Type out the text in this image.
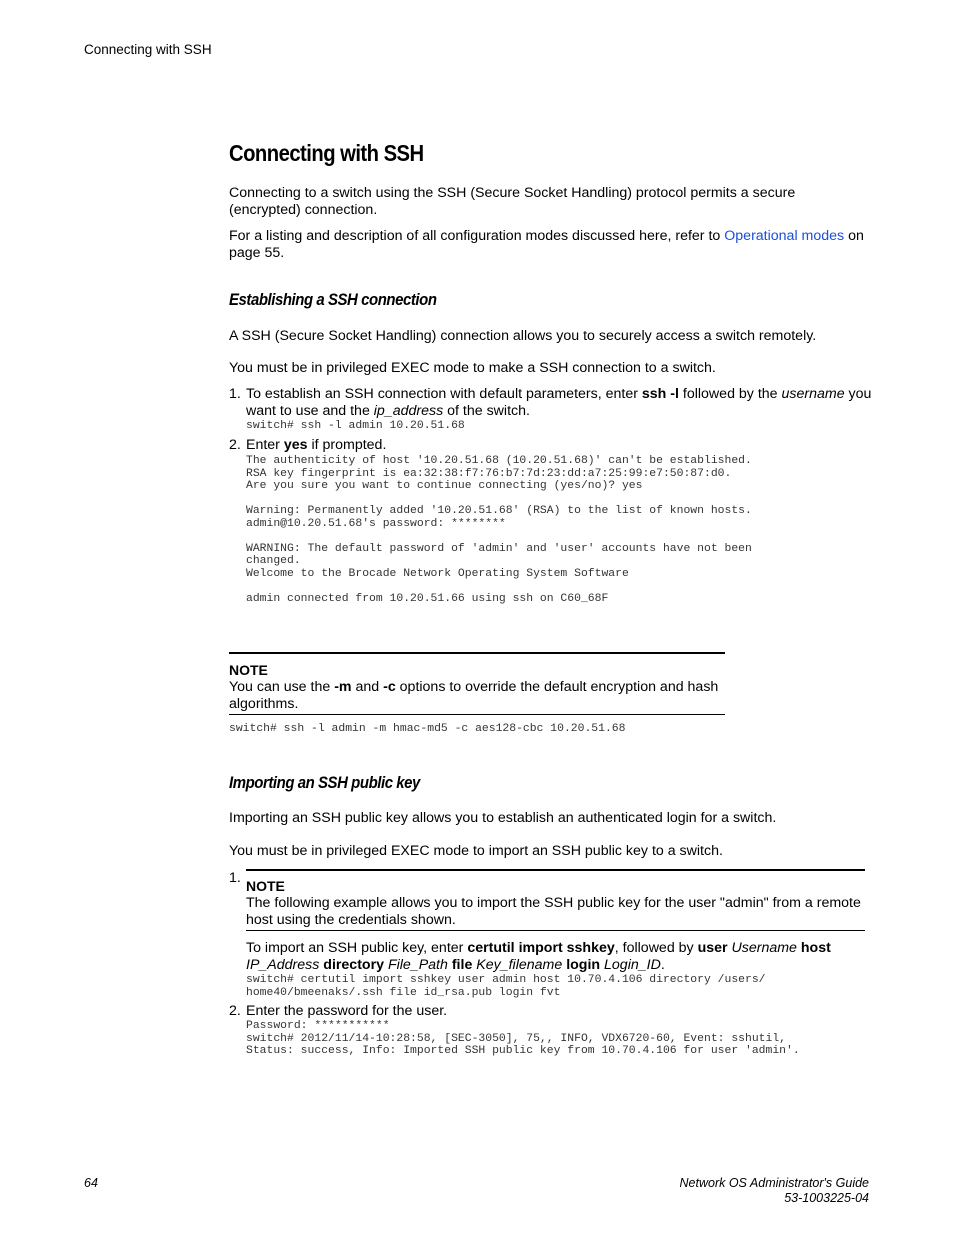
Connecting with SSH
Connecting with SSH

Connecting to a switch using the SSH (Secure Socket Handling) protocol permits a secure (encrypted) connection.

For a listing and description of all configuration modes discussed here, refer to Operational modes on page 55.

Establishing a SSH connection

A SSH (Secure Socket Handling) connection allows you to securely access a switch remotely.

You must be in privileged EXEC mode to make a SSH connection to a switch.

1. To establish an SSH connection with default parameters, enter ssh -l followed by the username you want to use and the ip_address of the switch.
switch# ssh -l admin 10.20.51.68
2. Enter yes if prompted.
The authenticity of host '10.20.51.68 (10.20.51.68)' can't be established.
RSA key fingerprint is ea:32:38:f7:76:b7:7d:23:dd:a7:25:99:e7:50:87:d0.
Are you sure you want to continue connecting (yes/no)? yes

Warning: Permanently added '10.20.51.68' (RSA) to the list of known hosts.
admin@10.20.51.68's password: ********

WARNING: The default password of 'admin' and 'user' accounts have not been
changed.
Welcome to the Brocade Network Operating System Software

admin connected from 10.20.51.66 using ssh on C60_68F
NOTE

You can use the -m and -c options to override the default encryption and hash algorithms.

switch# ssh -l admin -m hmac-md5 -c aes128-cbc 10.20.51.68
Importing an SSH public key

Importing an SSH public key allows you to establish an authenticated login for a switch.

You must be in privileged EXEC mode to import an SSH public key to a switch.

1. NOTE

The following example allows you to import the SSH public key for the user "admin" from a remote host using the credentials shown.

To import an SSH public key, enter certutil import sshkey, followed by user Username host
IP_Address directory File_Path file Key_filename login Login_ID.

switch# certutil import sshkey user admin host 10.70.4.106 directory /users/
home40/bmeenaks/.ssh file id_rsa.pub login fvt
2. Enter the password for the user.
Password: ***********
switch# 2012/11/14-10:28:58, [SEC-3050], 75,, INFO, VDX6720-60, Event: sshutil,
Status: success, Info: Imported SSH public key from 10.70.4.106 for user 'admin'.
64	Network OS Administrator's Guide
53-1003225-04
